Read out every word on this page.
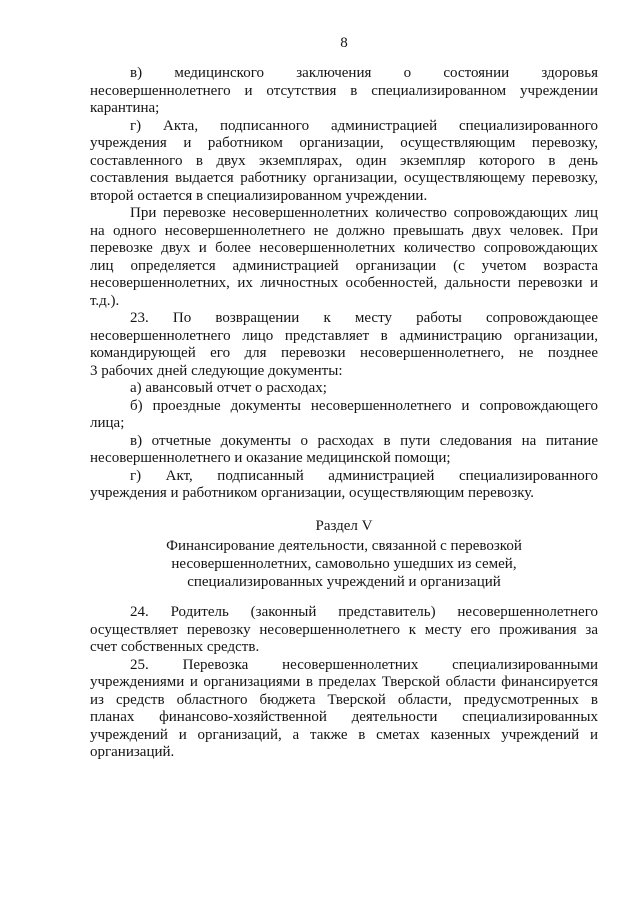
8
в) медицинского заключения о состоянии здоровья
несовершеннолетнего и отсутствия в специализированном учреждении
карантина;
г) Акта, подписанного администрацией специализированного
учреждения и работником организации, осуществляющим перевозку,
составленного в двух экземплярах, один экземпляр которого в день
составления выдается работнику организации, осуществляющему перевозку,
второй остается в специализированном учреждении.
При перевозке несовершеннолетних количество сопровождающих лиц
на одного несовершеннолетнего не должно превышать двух человек. При
перевозке двух и более несовершеннолетних количество сопровождающих
лиц определяется администрацией организации (с учетом возраста
несовершеннолетних, их личностных особенностей, дальности перевозки и
т.д.).
23. По возвращении к месту работы сопровождающее
несовершеннолетнего лицо представляет в администрацию организации,
командирующей его для перевозки несовершеннолетнего, не позднее
3 рабочих дней следующие документы:
а) авансовый отчет о расходах;
б) проездные документы несовершеннолетнего и сопровождающего
лица;
в) отчетные документы о расходах в пути следования на питание
несовершеннолетнего и оказание медицинской помощи;
г) Акт, подписанный администрацией специализированного
учреждения и работником организации, осуществляющим перевозку.
Раздел V
Финансирование деятельности, связанной с перевозкой
несовершеннолетних, самовольно ушедших из семей,
специализированных учреждений и организаций
24. Родитель (законный представитель) несовершеннолетнего
осуществляет перевозку несовершеннолетнего к месту его проживания за
счет собственных средств.
25. Перевозка несовершеннолетних специализированными
учреждениями и организациями в пределах Тверской области финансируется
из средств областного бюджета Тверской области, предусмотренных в
планах финансово-хозяйственной деятельности специализированных
учреждений и организаций, а также в сметах казенных учреждений и
организаций.
